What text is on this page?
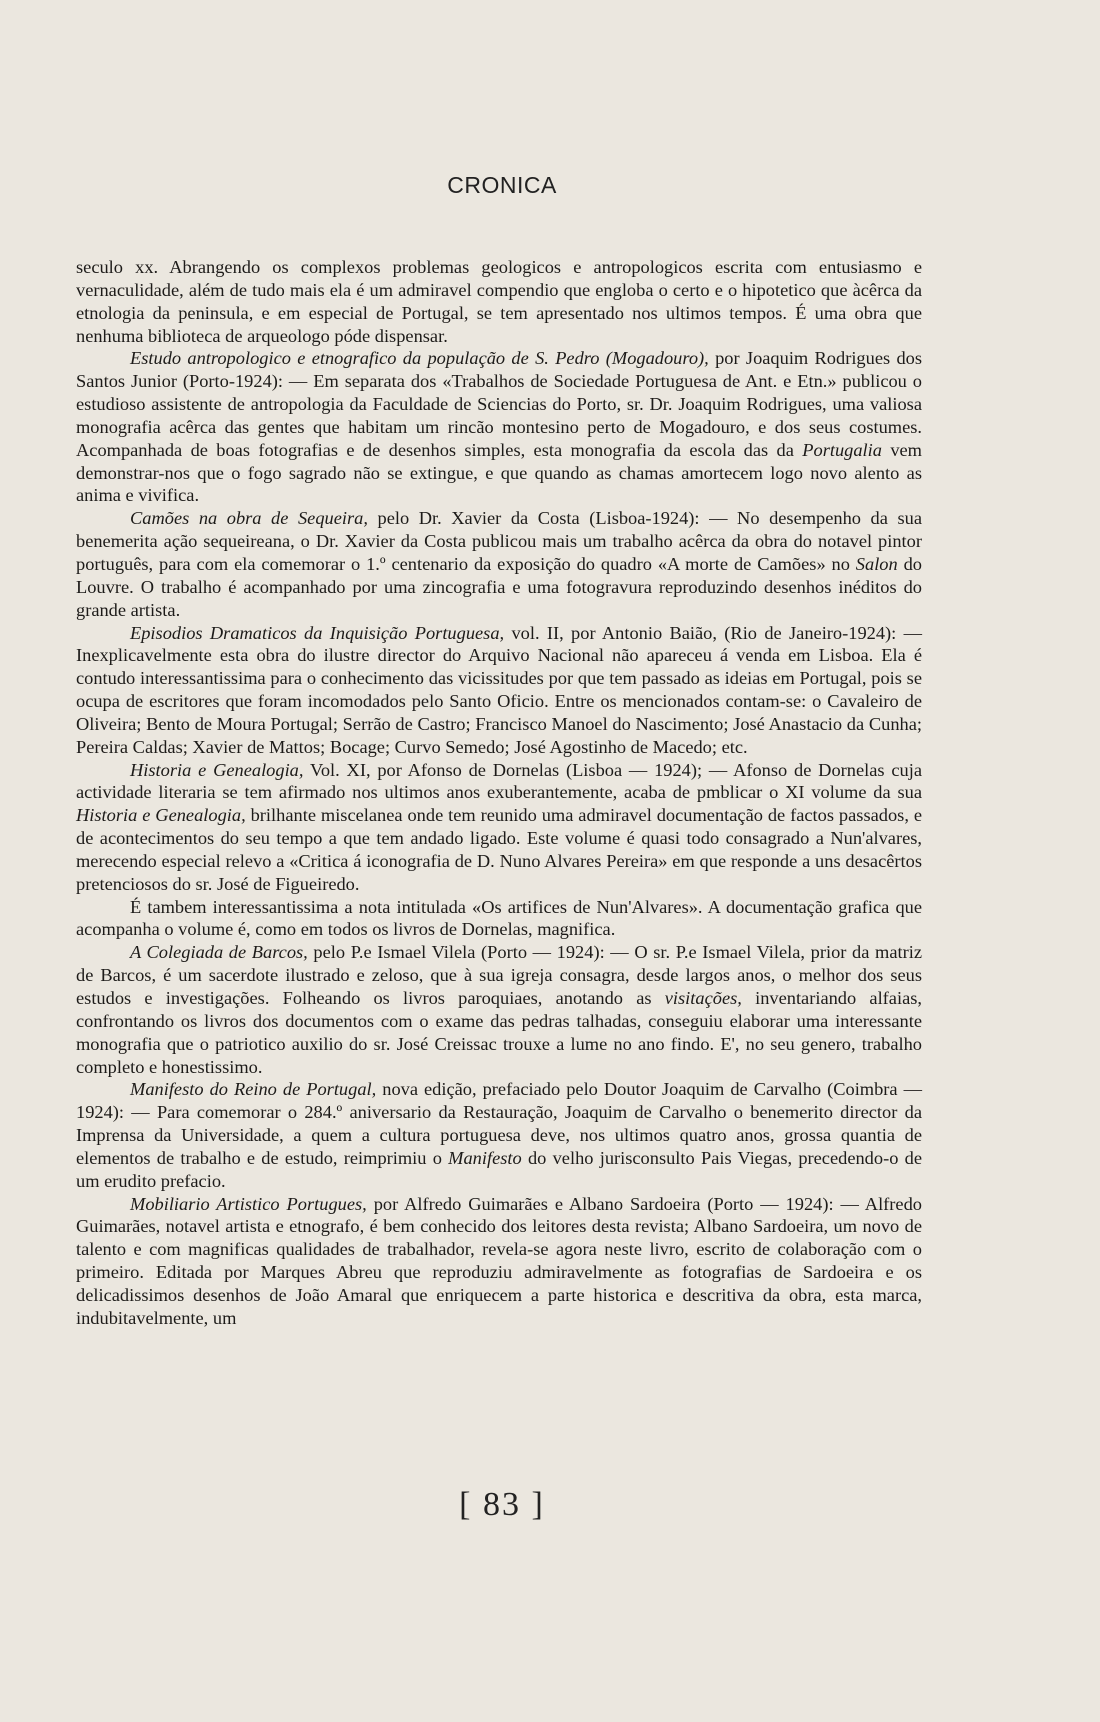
CRONICA

seculo xx. Abrangendo os complexos problemas geologicos e antropologicos escrita com entusiasmo e vernaculidade, além de tudo mais ela é um admiravel compendio que engloba o certo e o hipotetico que àcêrca da etnologia da peninsula, e em especial de Portugal, se tem apresentado nos ultimos tempos. É uma obra que nenhuma biblioteca de arqueologo póde dispensar.

Estudo antropologico e etnografico da população de S. Pedro (Mogadouro), por Joaquim Rodrigues dos Santos Junior (Porto-1924): — Em separata dos «Trabalhos de Sociedade Portuguesa de Ant. e Etn.» publicou o estudioso assistente de antropologia da Faculdade de Sciencias do Porto, sr. Dr. Joaquim Rodrigues, uma valiosa monografia acêrca das gentes que habitam um rincão montesino perto de Mogadouro, e dos seus costumes. Acompanhada de boas fotografias e de desenhos simples, esta monografia da escola das da Portugalia vem demonstrar-nos que o fogo sagrado não se extingue, e que quando as chamas amortecem logo novo alento as anima e vivifica.

Camões na obra de Sequeira, pelo Dr. Xavier da Costa (Lisboa-1924): — No desempenho da sua benemerita ação sequeireana, o Dr. Xavier da Costa publicou mais um trabalho acêrca da obra do notavel pintor português, para com ela comemorar o 1.º centenario da exposição do quadro «A morte de Camões» no Salon do Louvre. O trabalho é acompanhado por uma zincografia e uma fotogravura reproduzindo desenhos inéditos do grande artista.

Episodios Dramaticos da Inquisição Portuguesa, vol. II, por Antonio Baião, (Rio de Janeiro-1924): — Inexplicavelmente esta obra do ilustre director do Arquivo Nacional não apareceu á venda em Lisboa. Ela é contudo interessantissima para o conhecimento das vicissitudes por que tem passado as ideias em Portugal, pois se ocupa de escritores que foram incomodados pelo Santo Oficio. Entre os mencionados contam-se: o Cavaleiro de Oliveira; Bento de Moura Portugal; Serrão de Castro; Francisco Manoel do Nascimento; José Anastacio da Cunha; Pereira Caldas; Xavier de Mattos; Bocage; Curvo Semedo; José Agostinho de Macedo; etc.

Historia e Genealogia, Vol. XI, por Afonso de Dornelas (Lisboa — 1924); — Afonso de Dornelas cuja actividade literaria se tem afirmado nos ultimos anos exuberantemente, acaba de pmblicar o XI volume da sua Historia e Genealogia, brilhante miscelanea onde tem reunido uma admiravel documentação de factos passados, e de acontecimentos do seu tempo a que tem andado ligado. Este volume é quasi todo consagrado a Nun'alvares, merecendo especial relevo a «Critica á iconografia de D. Nuno Alvares Pereira» em que responde a uns desacêrtos pretenciosos do sr. José de Figueiredo.

É tambem interessantissima a nota intitulada «Os artifices de Nun'Alvares». A documentação grafica que acompanha o volume é, como em todos os livros de Dornelas, magnifica.

A Colegiada de Barcos, pelo P.e Ismael Vilela (Porto — 1924): — O sr. P.e Ismael Vilela, prior da matriz de Barcos, é um sacerdote ilustrado e zeloso, que à sua igreja consagra, desde largos anos, o melhor dos seus estudos e investigações. Folheando os livros paroquiaes, anotando as visitações, inventariando alfaias, confrontando os livros dos documentos com o exame das pedras talhadas, conseguiu elaborar uma interessante monografia que o patriotico auxilio do sr. José Creissac trouxe a lume no ano findo. E', no seu genero, trabalho completo e honestissimo.

Manifesto do Reino de Portugal, nova edição, prefaciado pelo Doutor Joaquim de Carvalho (Coimbra — 1924): — Para comemorar o 284.º aniversario da Restauração, Joaquim de Carvalho o benemerito director da Imprensa da Universidade, a quem a cultura portuguesa deve, nos ultimos quatro anos, grossa quantia de elementos de trabalho e de estudo, reimprimiu o Manifesto do velho jurisconsulto Pais Viegas, precedendo-o de um erudito prefacio.

Mobiliario Artistico Portugues, por Alfredo Guimarães e Albano Sardoeira (Porto — 1924): — Alfredo Guimarães, notavel artista e etnografo, é bem conhecido dos leitores desta revista; Albano Sardoeira, um novo de talento e com magnificas qualidades de trabalhador, revela-se agora neste livro, escrito de colaboração com o primeiro. Editada por Marques Abreu que reproduziu admiravelmente as fotografias de Sardoeira e os delicadissimos desenhos de João Amaral que enriquecem a parte historica e descritiva da obra, esta marca, indubitavelmente, um

[ 83 ]
